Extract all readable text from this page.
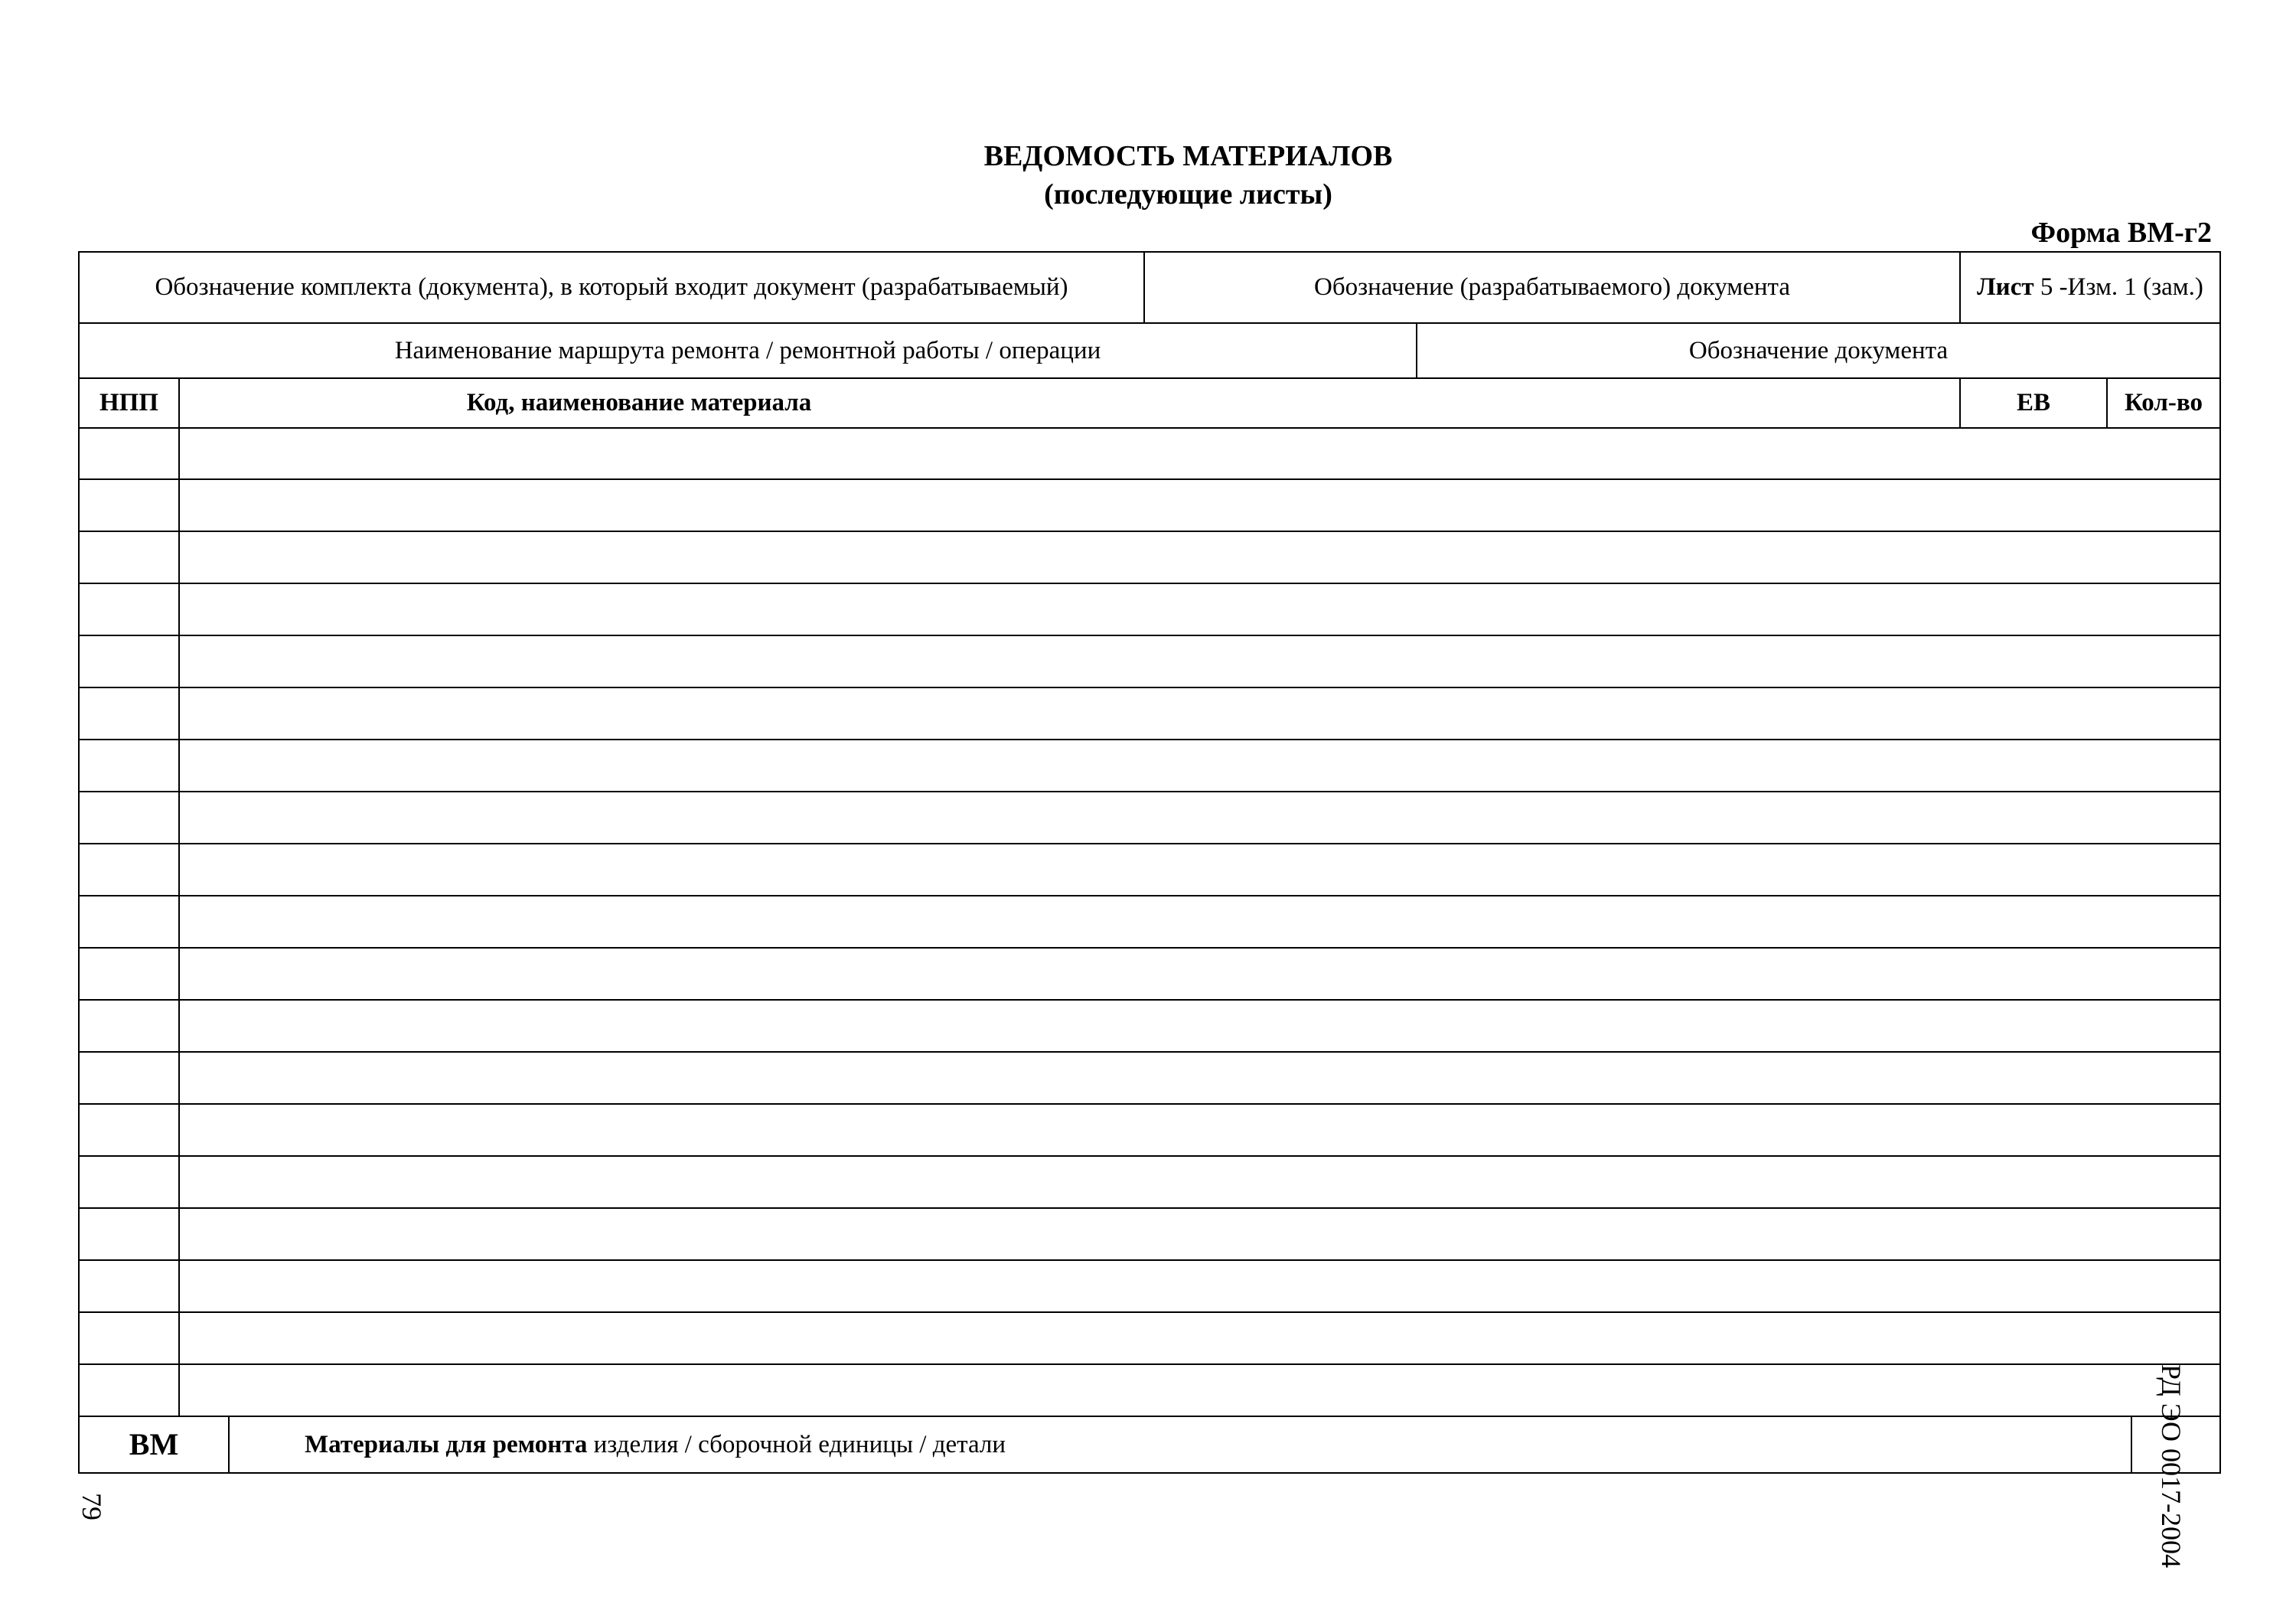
ВЕДОМОСТЬ МАТЕРИАЛОВ
(последующие листы)
Форма ВМ-г2
Обозначение комплекта (документа), в который входит документ (разрабатываемый)	Обозначение (разрабатываемого) документа	Лист 5 -Изм. 1 (зам.)
Наименование маршрута ремонта / ремонтной работы / операции	Обозначение документа
НПП	Код, наименование материала	ЕВ	Кол-во
ВМ	Материалы для ремонта изделия / сборочной единицы / детали
79	РД ЭО 0017-2004
